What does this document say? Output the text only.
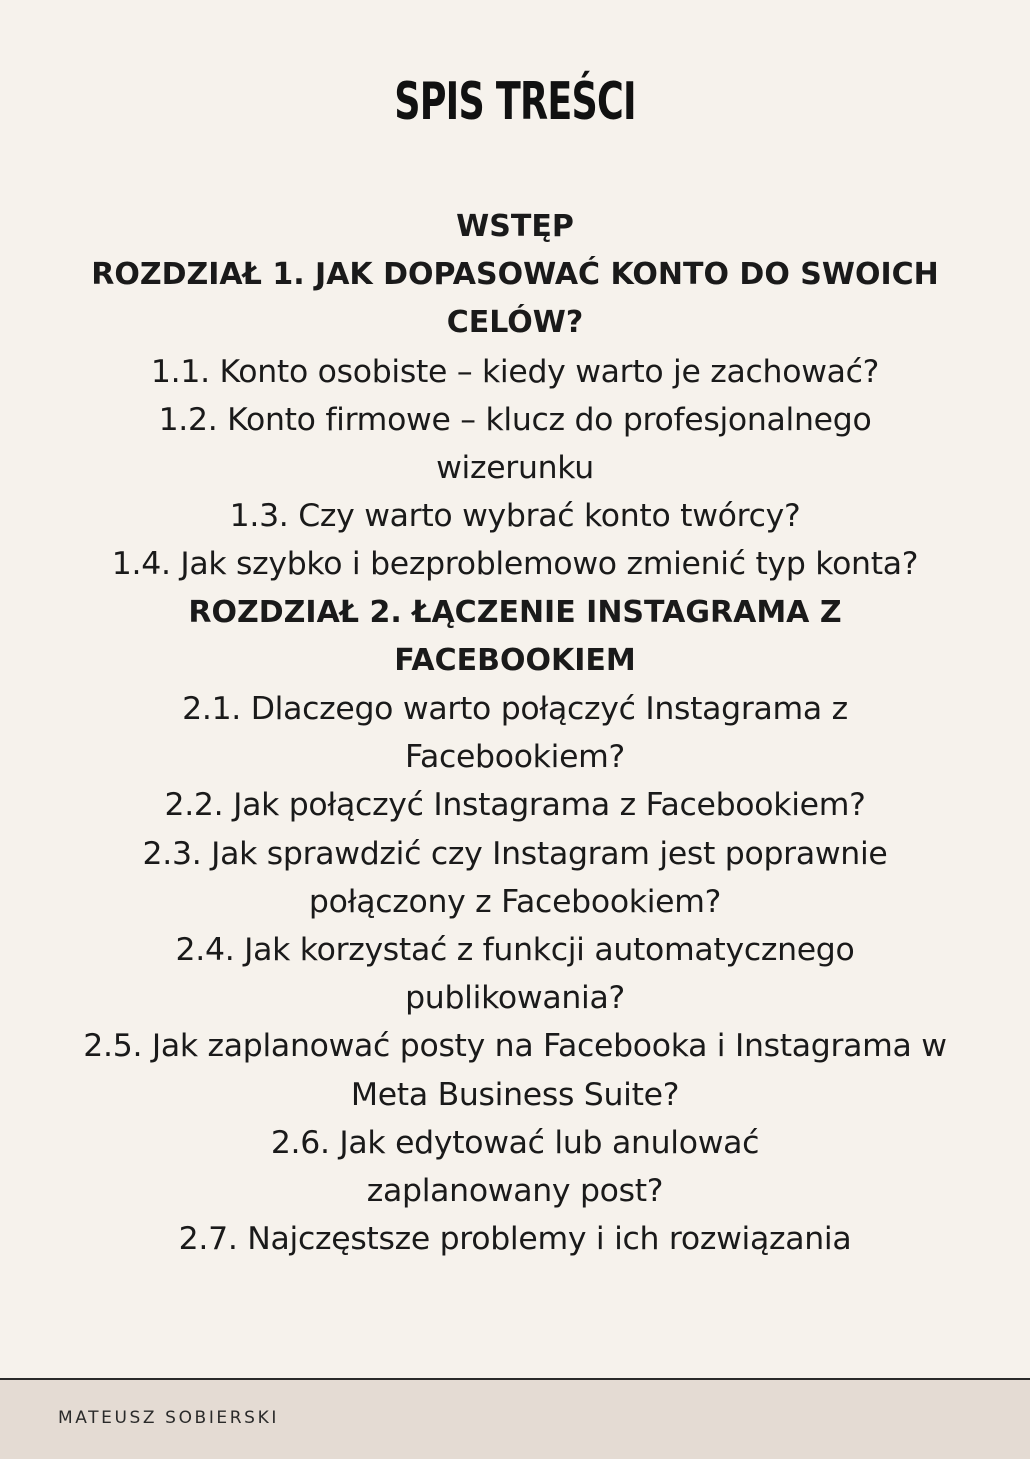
SPIS TREŚCI
WSTĘP
ROZDZIAŁ 1. JAK DOPASOWAĆ KONTO DO SWOICH
CELÓW?
1.1. Konto osobiste – kiedy warto je zachować?
1.2. Konto firmowe – klucz do profesjonalnego
wizerunku
1.3. Czy warto wybrać konto twórcy?
1.4. Jak szybko i bezproblemowo zmienić typ konta?
ROZDZIAŁ 2. ŁĄCZENIE INSTAGRAMA Z
FACEBOOKIEM
2.1. Dlaczego warto połączyć Instagrama z
Facebookiem?
2.2. Jak połączyć Instagrama z Facebookiem?
2.3. Jak sprawdzić czy Instagram jest poprawnie
połączony z Facebookiem?
2.4. Jak korzystać z funkcji automatycznego
publikowania?
2.5. Jak zaplanować posty na Facebooka i Instagrama w
Meta Business Suite?
2.6. Jak edytować lub anulować
zaplanowany post?
2.7. Najczęstsze problemy i ich rozwiązania
MATEUSZ SOBIERSKI
